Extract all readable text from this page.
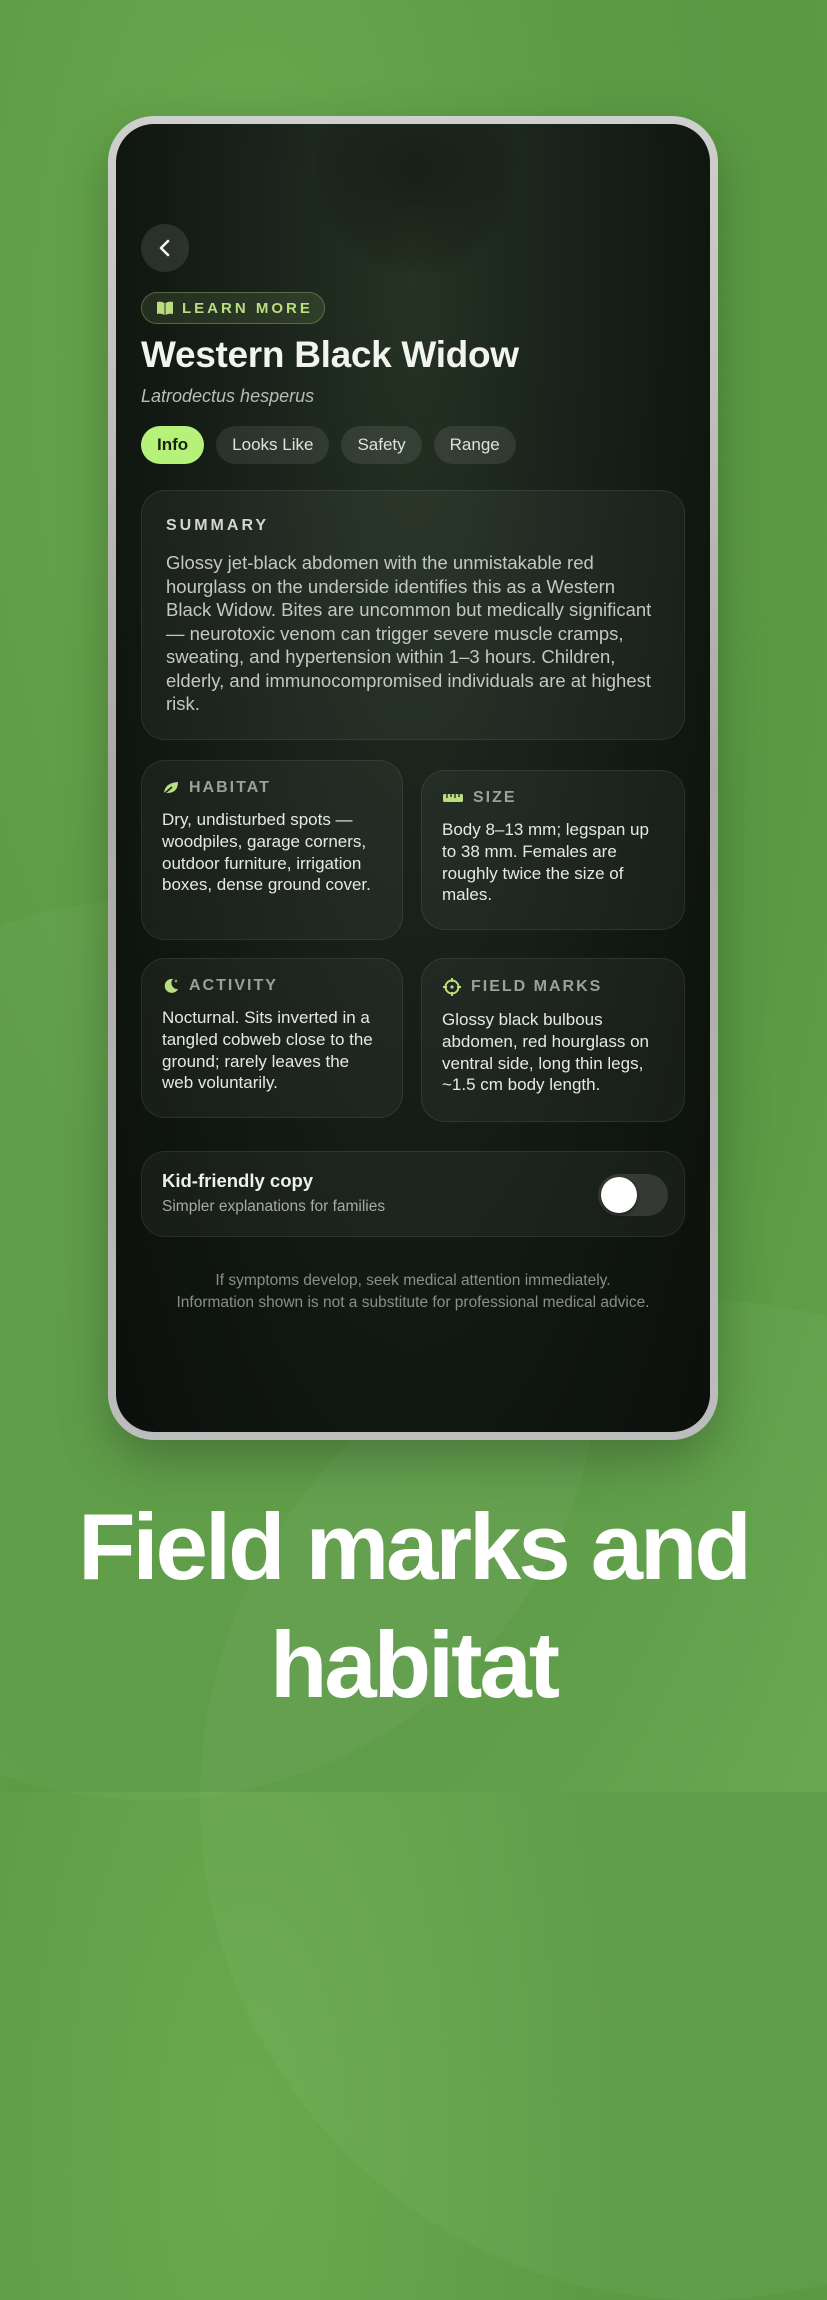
LEARN MORE
Western Black Widow
Latrodectus hesperus
Info	Looks Like	Safety	Range
SUMMARY

Glossy jet-black abdomen with the unmistakable red hourglass on the underside identifies this as a Western Black Widow. Bites are uncommon but medically significant — neurotoxic venom can trigger severe muscle cramps, sweating, and hypertension within 1–3 hours. Children, elderly, and immunocompromised individuals are at highest risk.

HABITAT

Dry, undisturbed spots — woodpiles, garage corners, outdoor furniture, irrigation boxes, dense ground cover.

SIZE

Body 8–13 mm; legspan up to 38 mm. Females are roughly twice the size of males.

ACTIVITY

Nocturnal. Sits inverted in a tangled cobweb close to the ground; rarely leaves the web voluntarily.

FIELD MARKS

Glossy black bulbous abdomen, red hourglass on ventral side, long thin legs, ~1.5 cm body length.

Kid-friendly copy
Simpler explanations for families
If symptoms develop, seek medical attention immediately.
Information shown is not a substitute for professional medical advice.
Field marks and
habitat
